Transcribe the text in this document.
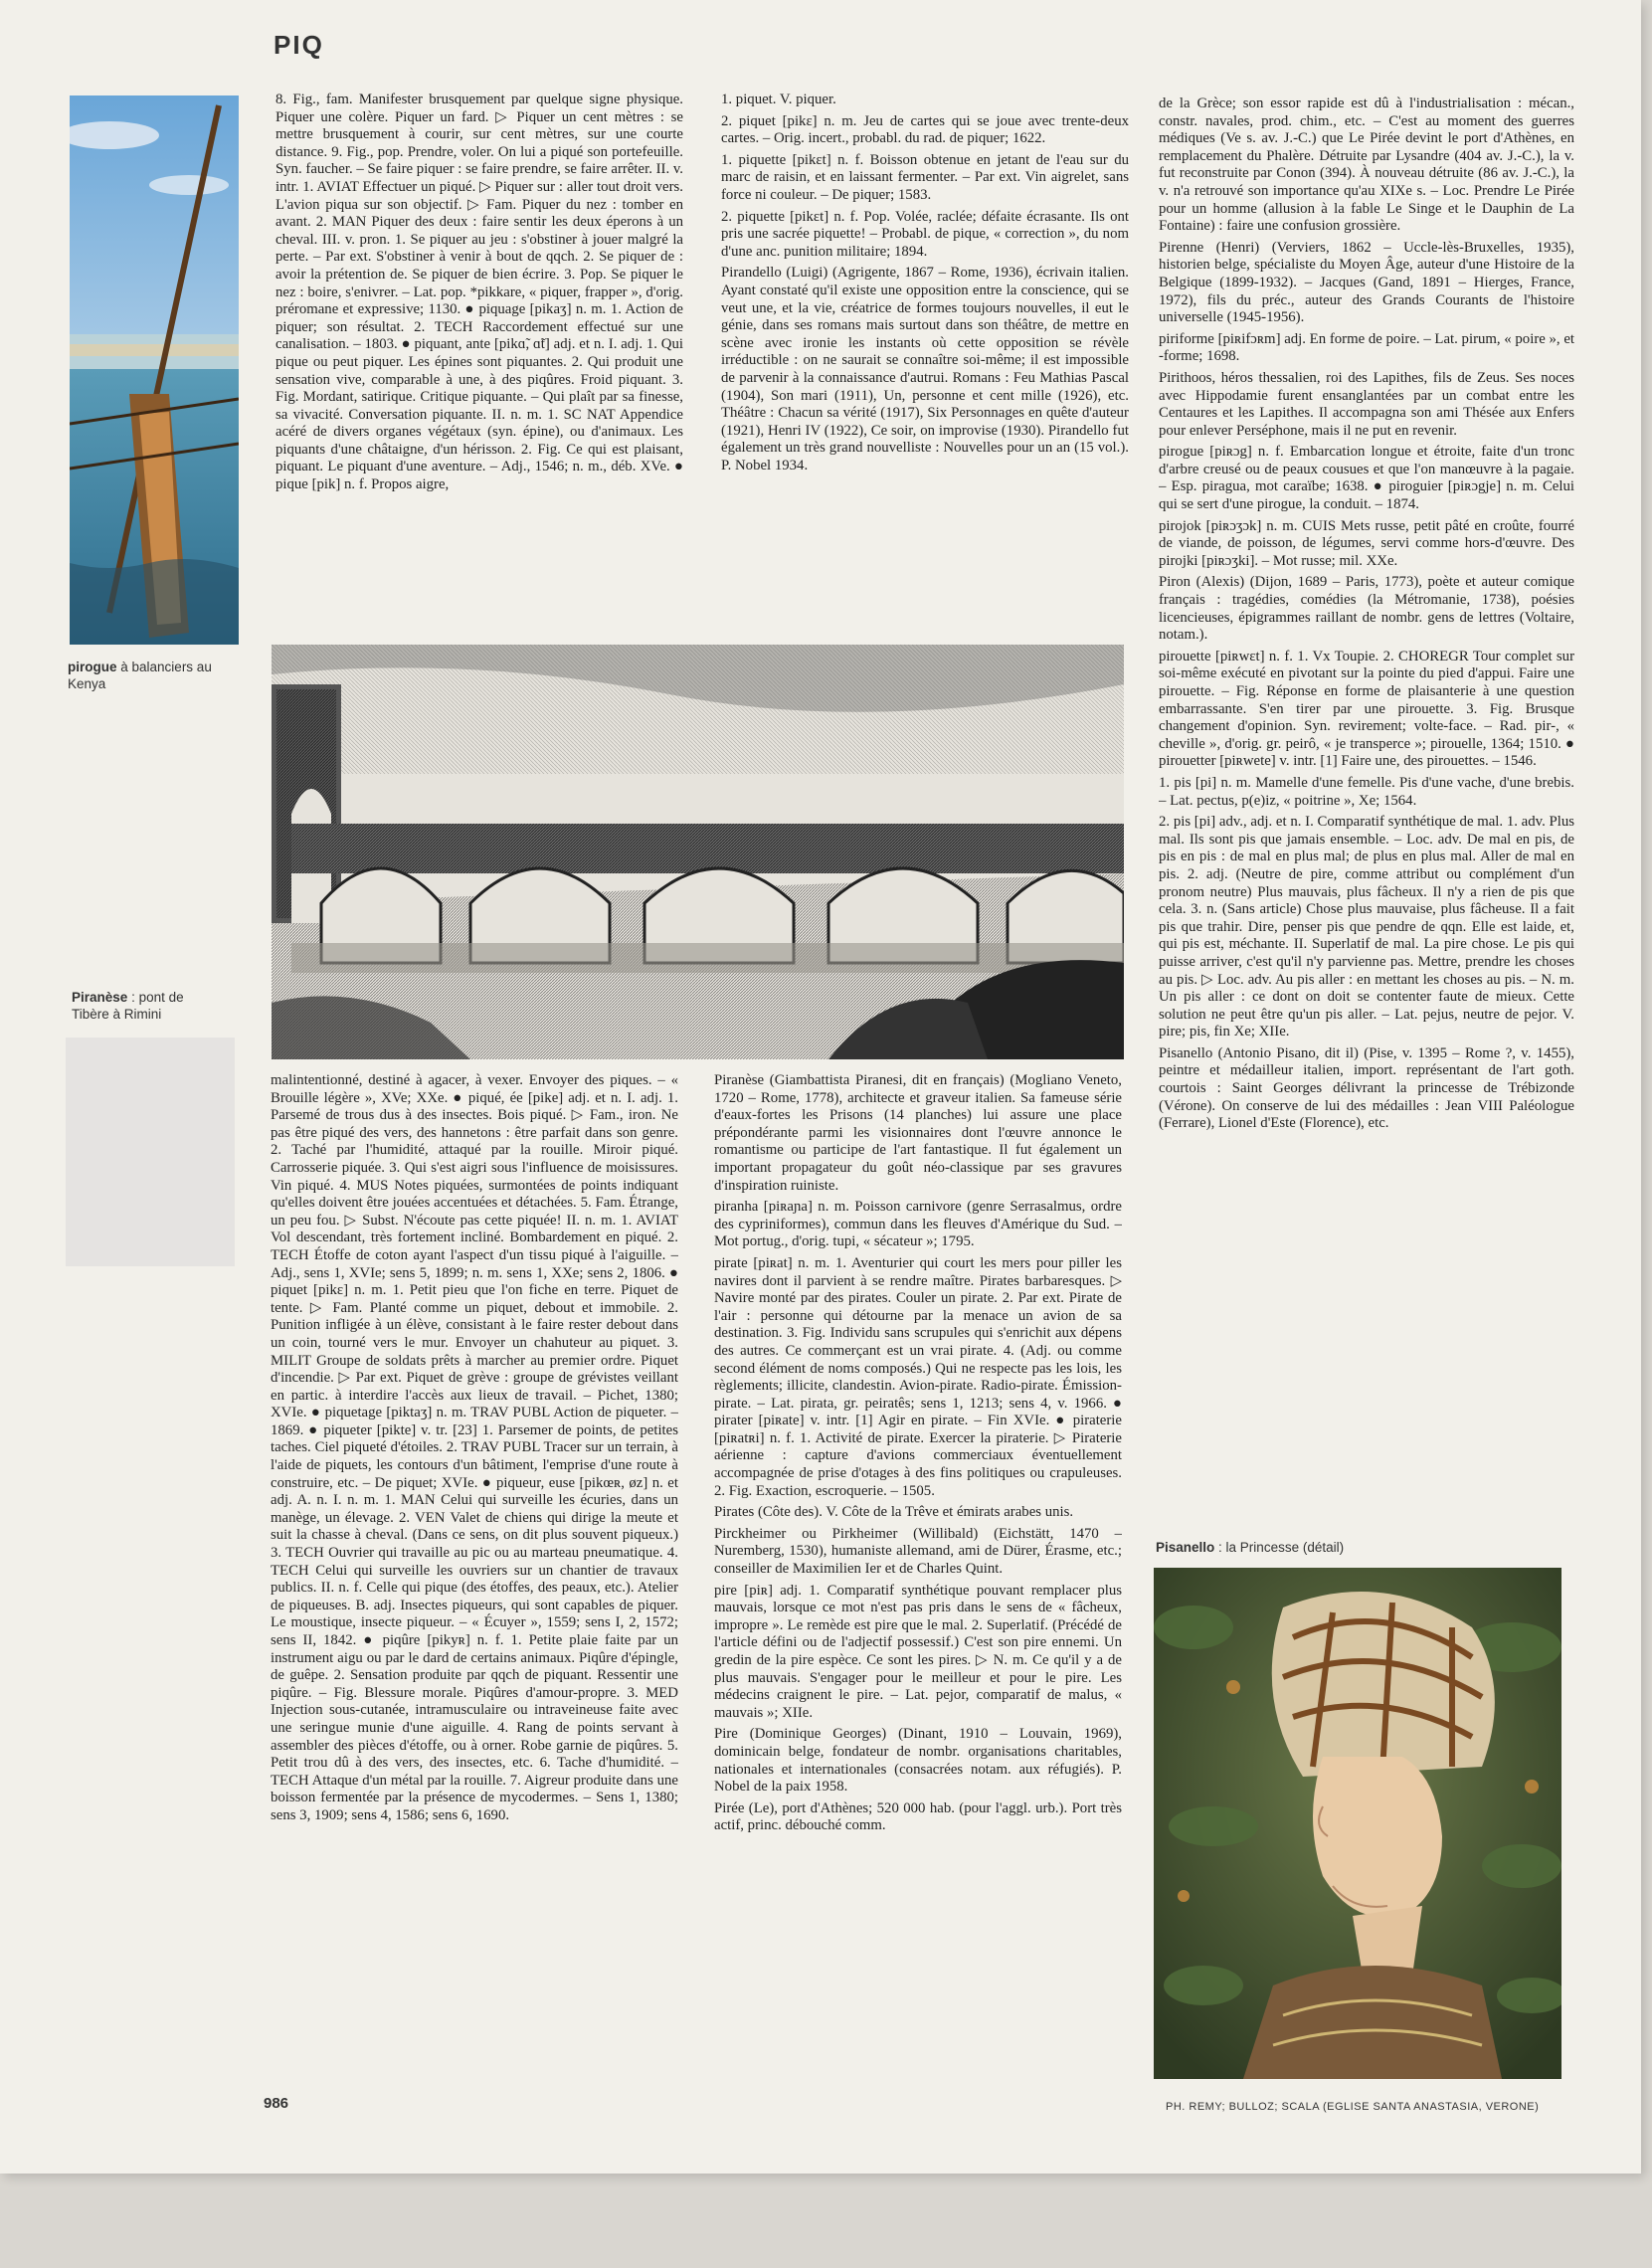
PIQ
pirogue à balanciers au Kenya
Piranèse : pont de Tibère à Rimini

8. Fig., fam. Manifester brusquement par quelque signe physique. Piquer une colère. Piquer un fard. ▷ Piquer un cent mètres : se mettre brusquement à courir, sur cent mètres, sur une courte distance. 9. Fig., pop. Prendre, voler. On lui a piqué son portefeuille. Syn. faucher. – Se faire piquer : se faire prendre, se faire arrêter. II. v. intr. 1. AVIAT Effectuer un piqué. ▷ Piquer sur : aller tout droit vers. L'avion piqua sur son objectif. ▷ Fam. Piquer du nez : tomber en avant. 2. MAN Piquer des deux : faire sentir les deux éperons à un cheval. III. v. pron. 1. Se piquer au jeu : s'obstiner à jouer malgré la perte. – Par ext. S'obstiner à venir à bout de qqch. 2. Se piquer de : avoir la prétention de. Se piquer de bien écrire. 3. Pop. Se piquer le nez : boire, s'enivrer. – Lat. pop. *pikkare, « piquer, frapper », d'orig. préromane et expressive; 1130. ● piquage [pikaʒ] n. m. 1. Action de piquer; son résultat. 2. TECH Raccordement effectué sur une canalisation. – 1803. ● piquant, ante [pikɑ̃, ɑ̃t] adj. et n. I. adj. 1. Qui pique ou peut piquer. Les épines sont piquantes. 2. Qui produit une sensation vive, comparable à une, à des piqûres. Froid piquant. 3. Fig. Mordant, satirique. Critique piquante. – Qui plaît par sa finesse, sa vivacité. Conversation piquante. II. n. m. 1. SC NAT Appendice acéré de divers organes végétaux (syn. épine), ou d'animaux. Les piquants d'une châtaigne, d'un hérisson. 2. Fig. Ce qui est plaisant, piquant. Le piquant d'une aventure. – Adj., 1546; n. m., déb. XVe. ● pique [pik] n. f. Propos aigre,

1. piquet. V. piquer.

2. piquet [pikɛ] n. m. Jeu de cartes qui se joue avec trente-deux cartes. – Orig. incert., probabl. du rad. de piquer; 1622.

1. piquette [pikɛt] n. f. Boisson obtenue en jetant de l'eau sur du marc de raisin, et en laissant fermenter. – Par ext. Vin aigrelet, sans force ni couleur. – De piquer; 1583.

2. piquette [pikɛt] n. f. Pop. Volée, raclée; défaite écrasante. Ils ont pris une sacrée piquette! – Probabl. de pique, « correction », du nom d'une anc. punition militaire; 1894.

Pirandello (Luigi) (Agrigente, 1867 – Rome, 1936), écrivain italien. Ayant constaté qu'il existe une opposition entre la conscience, qui se veut une, et la vie, créatrice de formes toujours nouvelles, il eut le génie, dans ses romans mais surtout dans son théâtre, de mettre en scène avec ironie les instants où cette opposition se révèle irréductible : on ne saurait se connaître soi-même; il est impossible de parvenir à la connaissance d'autrui. Romans : Feu Mathias Pascal (1904), Son mari (1911), Un, personne et cent mille (1926), etc. Théâtre : Chacun sa vérité (1917), Six Personnages en quête d'auteur (1921), Henri IV (1922), Ce soir, on improvise (1930). Pirandello fut également un très grand nouvelliste : Nouvelles pour un an (15 vol.). P. Nobel 1934.

de la Grèce; son essor rapide est dû à l'industrialisation : mécan., constr. navales, prod. chim., etc. – C'est au moment des guerres médiques (Ve s. av. J.-C.) que Le Pirée devint le port d'Athènes, en remplacement du Phalère. Détruite par Lysandre (404 av. J.-C.), la v. fut reconstruite par Conon (394). À nouveau détruite (86 av. J.-C.), la v. n'a retrouvé son importance qu'au XIXe s. – Loc. Prendre Le Pirée pour un homme (allusion à la fable Le Singe et le Dauphin de La Fontaine) : faire une confusion grossière.

Pirenne (Henri) (Verviers, 1862 – Uccle-lès-Bruxelles, 1935), historien belge, spécialiste du Moyen Âge, auteur d'une Histoire de la Belgique (1899-1932). – Jacques (Gand, 1891 – Hierges, France, 1972), fils du préc., auteur des Grands Courants de l'histoire universelle (1945-1956).

piriforme [piʀifɔʀm] adj. En forme de poire. – Lat. pirum, « poire », et -forme; 1698.

Pirithoos, héros thessalien, roi des Lapithes, fils de Zeus. Ses noces avec Hippodamie furent ensanglantées par un combat entre les Centaures et les Lapithes. Il accompagna son ami Thésée aux Enfers pour enlever Perséphone, mais il ne put en revenir.

pirogue [piʀɔg] n. f. Embarcation longue et étroite, faite d'un tronc d'arbre creusé ou de peaux cousues et que l'on manœuvre à la pagaie. – Esp. piragua, mot caraïbe; 1638. ● piroguier [piʀɔgje] n. m. Celui qui se sert d'une pirogue, la conduit. – 1874.

pirojok [piʀɔʒɔk] n. m. CUIS Mets russe, petit pâté en croûte, fourré de viande, de poisson, de légumes, servi comme hors-d'œuvre. Des pirojki [piʀɔʒki]. – Mot russe; mil. XXe.

Piron (Alexis) (Dijon, 1689 – Paris, 1773), poète et auteur comique français : tragédies, comédies (la Métromanie, 1738), poésies licencieuses, épigrammes raillant de nombr. gens de lettres (Voltaire, notam.).

pirouette [piʀwɛt] n. f. 1. Vx Toupie. 2. CHOREGR Tour complet sur soi-même exécuté en pivotant sur la pointe du pied d'appui. Faire une pirouette. – Fig. Réponse en forme de plaisanterie à une question embarrassante. S'en tirer par une pirouette. 3. Fig. Brusque changement d'opinion. Syn. revirement; volte-face. – Rad. pir-, « cheville », d'orig. gr. peirô, « je transperce »; pirouelle, 1364; 1510. ● pirouetter [piʀwete] v. intr. [1] Faire une, des pirouettes. – 1546.

1. pis [pi] n. m. Mamelle d'une femelle. Pis d'une vache, d'une brebis. – Lat. pectus, p(e)iz, « poitrine », Xe; 1564.

2. pis [pi] adv., adj. et n. I. Comparatif synthétique de mal. 1. adv. Plus mal. Ils sont pis que jamais ensemble. – Loc. adv. De mal en pis, de pis en pis : de mal en plus mal; de plus en plus mal. Aller de mal en pis. 2. adj. (Neutre de pire, comme attribut ou complément d'un pronom neutre) Plus mauvais, plus fâcheux. Il n'y a rien de pis que cela. 3. n. (Sans article) Chose plus mauvaise, plus fâcheuse. Il a fait pis que trahir. Dire, penser pis que pendre de qqn. Elle est laide, et, qui pis est, méchante. II. Superlatif de mal. La pire chose. Le pis qui puisse arriver, c'est qu'il n'y parvienne pas. Mettre, prendre les choses au pis. ▷ Loc. adv. Au pis aller : en mettant les choses au pis. – N. m. Un pis aller : ce dont on doit se contenter faute de mieux. Cette solution ne peut être qu'un pis aller. – Lat. pejus, neutre de pejor. V. pire; pis, fin Xe; XIIe.

Pisanello (Antonio Pisano, dit il) (Pise, v. 1395 – Rome ?, v. 1455), peintre et médailleur italien, import. représentant de l'art goth. courtois : Saint Georges délivrant la princesse de Trébizonde (Vérone). On conserve de lui des médailles : Jean VIII Paléologue (Ferrare), Lionel d'Este (Florence), etc.

Pisanello : la Princesse (détail)

malintentionné, destiné à agacer, à vexer. Envoyer des piques. – « Brouille légère », XVe; XXe. ● piqué, ée [pike] adj. et n. I. adj. 1. Parsemé de trous dus à des insectes. Bois piqué. ▷ Fam., iron. Ne pas être piqué des vers, des hannetons : être parfait dans son genre. 2. Taché par l'humidité, attaqué par la rouille. Miroir piqué. Carrosserie piquée. 3. Qui s'est aigri sous l'influence de moisissures. Vin piqué. 4. MUS Notes piquées, surmontées de points indiquant qu'elles doivent être jouées accentuées et détachées. 5. Fam. Étrange, un peu fou. ▷ Subst. N'écoute pas cette piquée! II. n. m. 1. AVIAT Vol descendant, très fortement incliné. Bombardement en piqué. 2. TECH Étoffe de coton ayant l'aspect d'un tissu piqué à l'aiguille. – Adj., sens 1, XVIe; sens 5, 1899; n. m. sens 1, XXe; sens 2, 1806. ● piquet [pikɛ] n. m. 1. Petit pieu que l'on fiche en terre. Piquet de tente. ▷ Fam. Planté comme un piquet, debout et immobile. 2. Punition infligée à un élève, consistant à le faire rester debout dans un coin, tourné vers le mur. Envoyer un chahuteur au piquet. 3. MILIT Groupe de soldats prêts à marcher au premier ordre. Piquet d'incendie. ▷ Par ext. Piquet de grève : groupe de grévistes veillant en partic. à interdire l'accès aux lieux de travail. – Pichet, 1380; XVIe. ● piquetage [piktaʒ] n. m. TRAV PUBL Action de piqueter. – 1869. ● piqueter [pikte] v. tr. [23] 1. Parsemer de points, de petites taches. Ciel piqueté d'étoiles. 2. TRAV PUBL Tracer sur un terrain, à l'aide de piquets, les contours d'un bâtiment, l'emprise d'une route à construire, etc. – De piquet; XVIe. ● piqueur, euse [pikœʀ, øz] n. et adj. A. n. I. n. m. 1. MAN Celui qui surveille les écuries, dans un manège, un élevage. 2. VEN Valet de chiens qui dirige la meute et suit la chasse à cheval. (Dans ce sens, on dit plus souvent piqueux.) 3. TECH Ouvrier qui travaille au pic ou au marteau pneumatique. 4. TECH Celui qui surveille les ouvriers sur un chantier de travaux publics. II. n. f. Celle qui pique (des étoffes, des peaux, etc.). Atelier de piqueuses. B. adj. Insectes piqueurs, qui sont capables de piquer. Le moustique, insecte piqueur. – « Écuyer », 1559; sens I, 2, 1572; sens II, 1842. ● piqûre [pikyʀ] n. f. 1. Petite plaie faite par un instrument aigu ou par le dard de certains animaux. Piqûre d'épingle, de guêpe. 2. Sensation produite par qqch de piquant. Ressentir une piqûre. – Fig. Blessure morale. Piqûres d'amour-propre. 3. MED Injection sous-cutanée, intramusculaire ou intraveineuse faite avec une seringue munie d'une aiguille. 4. Rang de points servant à assembler des pièces d'étoffe, ou à orner. Robe garnie de piqûres. 5. Petit trou dû à des vers, des insectes, etc. 6. Tache d'humidité. – TECH Attaque d'un métal par la rouille. 7. Aigreur produite dans une boisson fermentée par la présence de mycodermes. – Sens 1, 1380; sens 3, 1909; sens 4, 1586; sens 6, 1690.

Piranèse (Giambattista Piranesi, dit en français) (Mogliano Veneto, 1720 – Rome, 1778), architecte et graveur italien. Sa fameuse série d'eaux-fortes les Prisons (14 planches) lui assure une place prépondérante parmi les visionnaires dont l'œuvre annonce le romantisme ou participe de l'art fantastique. Il fut également un important propagateur du goût néo-classique par ses gravures d'inspiration ruiniste.

piranha [piʀaɲa] n. m. Poisson carnivore (genre Serrasalmus, ordre des cypriniformes), commun dans les fleuves d'Amérique du Sud. – Mot portug., d'orig. tupi, « sécateur »; 1795.

pirate [piʀat] n. m. 1. Aventurier qui court les mers pour piller les navires dont il parvient à se rendre maître. Pirates barbaresques. ▷ Navire monté par des pirates. Couler un pirate. 2. Par ext. Pirate de l'air : personne qui détourne par la menace un avion de sa destination. 3. Fig. Individu sans scrupules qui s'enrichit aux dépens des autres. Ce commerçant est un vrai pirate. 4. (Adj. ou comme second élément de noms composés.) Qui ne respecte pas les lois, les règlements; illicite, clandestin. Avion-pirate. Radio-pirate. Émission-pirate. – Lat. pirata, gr. peiratês; sens 1, 1213; sens 4, v. 1966. ● pirater [piʀate] v. intr. [1] Agir en pirate. – Fin XVIe. ● piraterie [piʀatʀi] n. f. 1. Activité de pirate. Exercer la piraterie. ▷ Piraterie aérienne : capture d'avions commerciaux éventuellement accompagnée de prise d'otages à des fins politiques ou crapuleuses. 2. Fig. Exaction, escroquerie. – 1505.

Pirates (Côte des). V. Côte de la Trêve et émirats arabes unis.

Pirckheimer ou Pirkheimer (Willibald) (Eichstätt, 1470 – Nuremberg, 1530), humaniste allemand, ami de Dürer, Érasme, etc.; conseiller de Maximilien Ier et de Charles Quint.

pire [piʀ] adj. 1. Comparatif synthétique pouvant remplacer plus mauvais, lorsque ce mot n'est pas pris dans le sens de « fâcheux, impropre ». Le remède est pire que le mal. 2. Superlatif. (Précédé de l'article défini ou de l'adjectif possessif.) C'est son pire ennemi. Un gredin de la pire espèce. Ce sont les pires. ▷ N. m. Ce qu'il y a de plus mauvais. S'engager pour le meilleur et pour le pire. Les médecins craignent le pire. – Lat. pejor, comparatif de malus, « mauvais »; XIIe.

Pire (Dominique Georges) (Dinant, 1910 – Louvain, 1969), dominicain belge, fondateur de nombr. organisations charitables, nationales et internationales (consacrées notam. aux réfugiés). P. Nobel de la paix 1958.

Pirée (Le), port d'Athènes; 520 000 hab. (pour l'aggl. urb.). Port très actif, princ. débouché comm.

986	PH. REMY; BULLOZ; SCALA (EGLISE SANTA ANASTASIA, VERONE)
